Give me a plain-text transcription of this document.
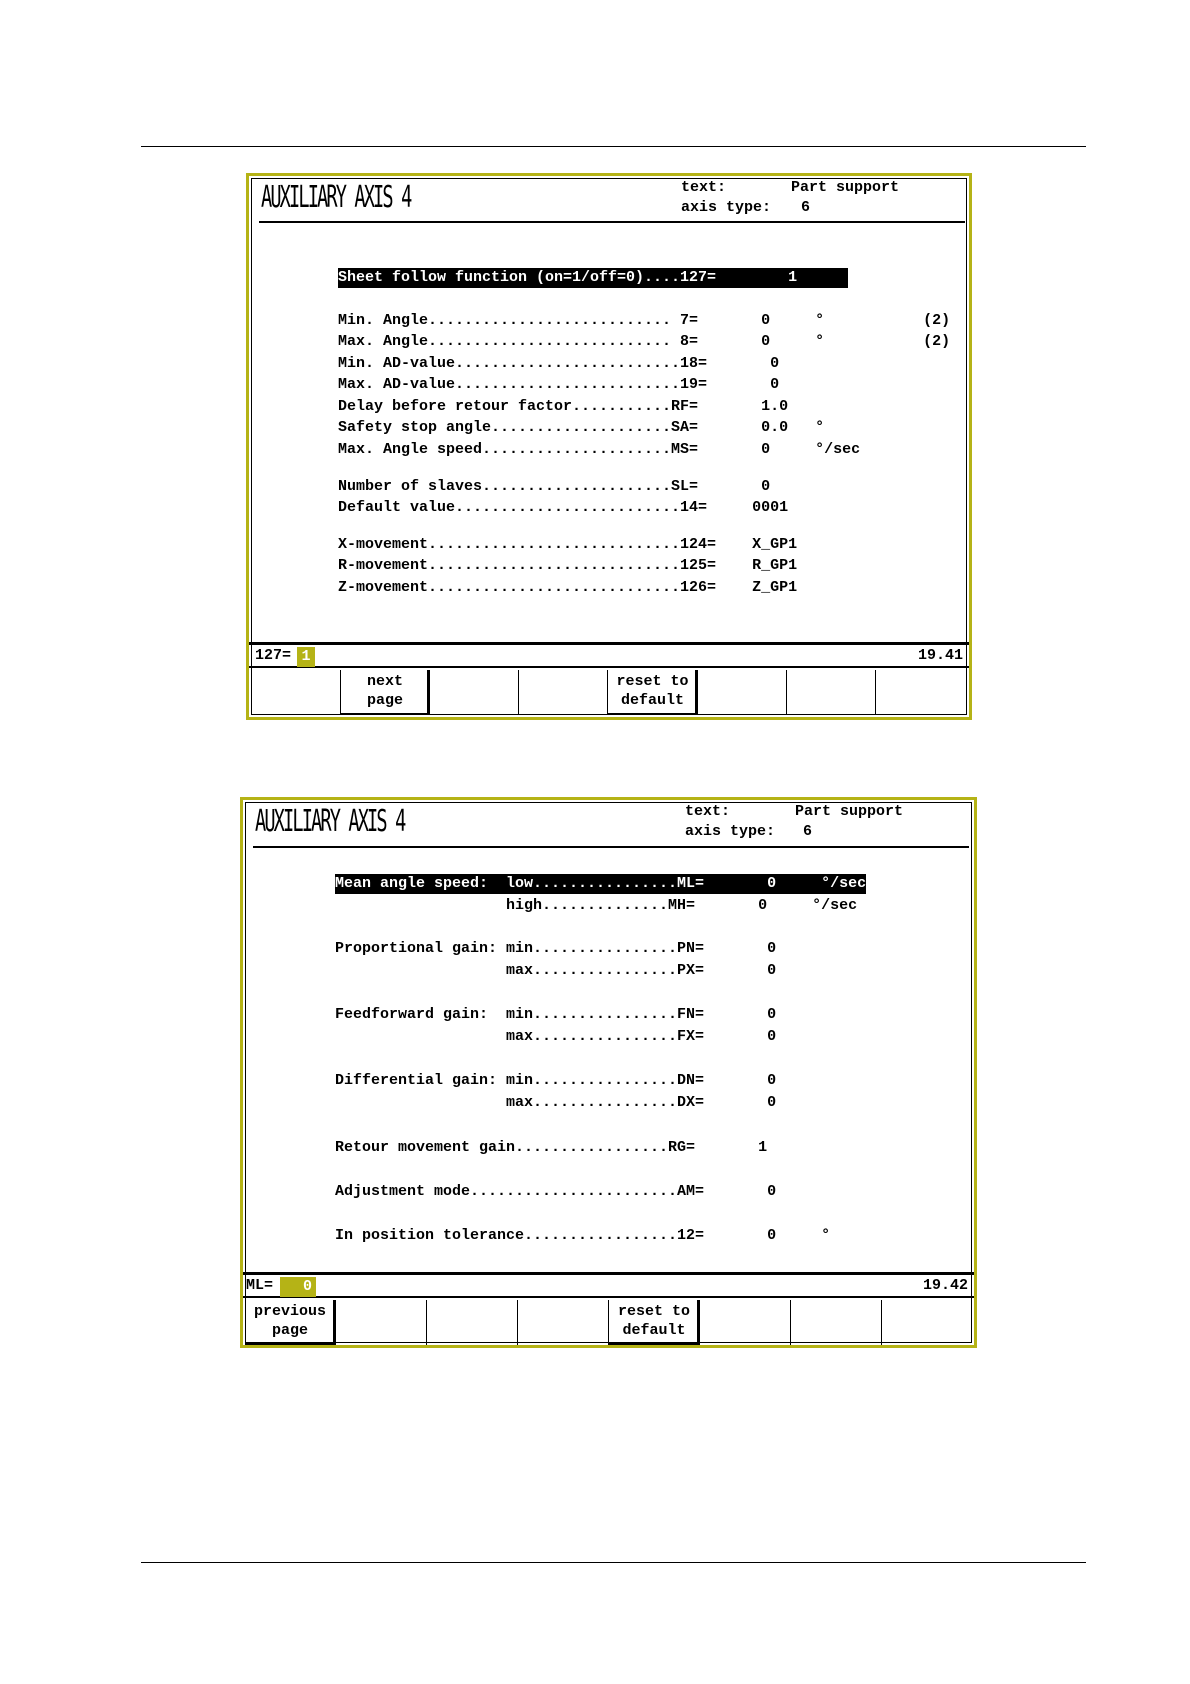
AUXILIARY AXIS 4	text:	Part support
axis type: 6
Sheet follow function (on=1/off=0)....127=        1
Min. Angle........................... 7=       0     °           (2)
Max. Angle........................... 8=       0     °           (2)
Min. AD-value.........................18=       0
Max. AD-value.........................19=       0
Delay before retour factor...........RF=       1.0
Safety stop angle....................SA=       0.0   °
Max. Angle speed.....................MS=       0     °/sec
Number of slaves.....................SL=       0
Default value.........................14=     0001
X-movement............................124=    X_GP1
R-movement............................125=    R_GP1
Z-movement............................126=    Z_GP1
127= 1	19.41
next
page
reset to
default
AUXILIARY AXIS 4	text:	Part support
axis type: 6
Mean angle speed:  low................ML=       0     °/sec
high..............MH=       0     °/sec
Proportional gain: min................PN=       0
max................PX=       0
Feedforward gain:  min................FN=       0
max................FX=       0
Differential gain: min................DN=       0
max................DX=       0
Retour movement gain.................RG=       1
Adjustment mode.......................AM=       0
In position tolerance.................12=       0     °
ML=	0	19.42
previous
page
reset to
default
